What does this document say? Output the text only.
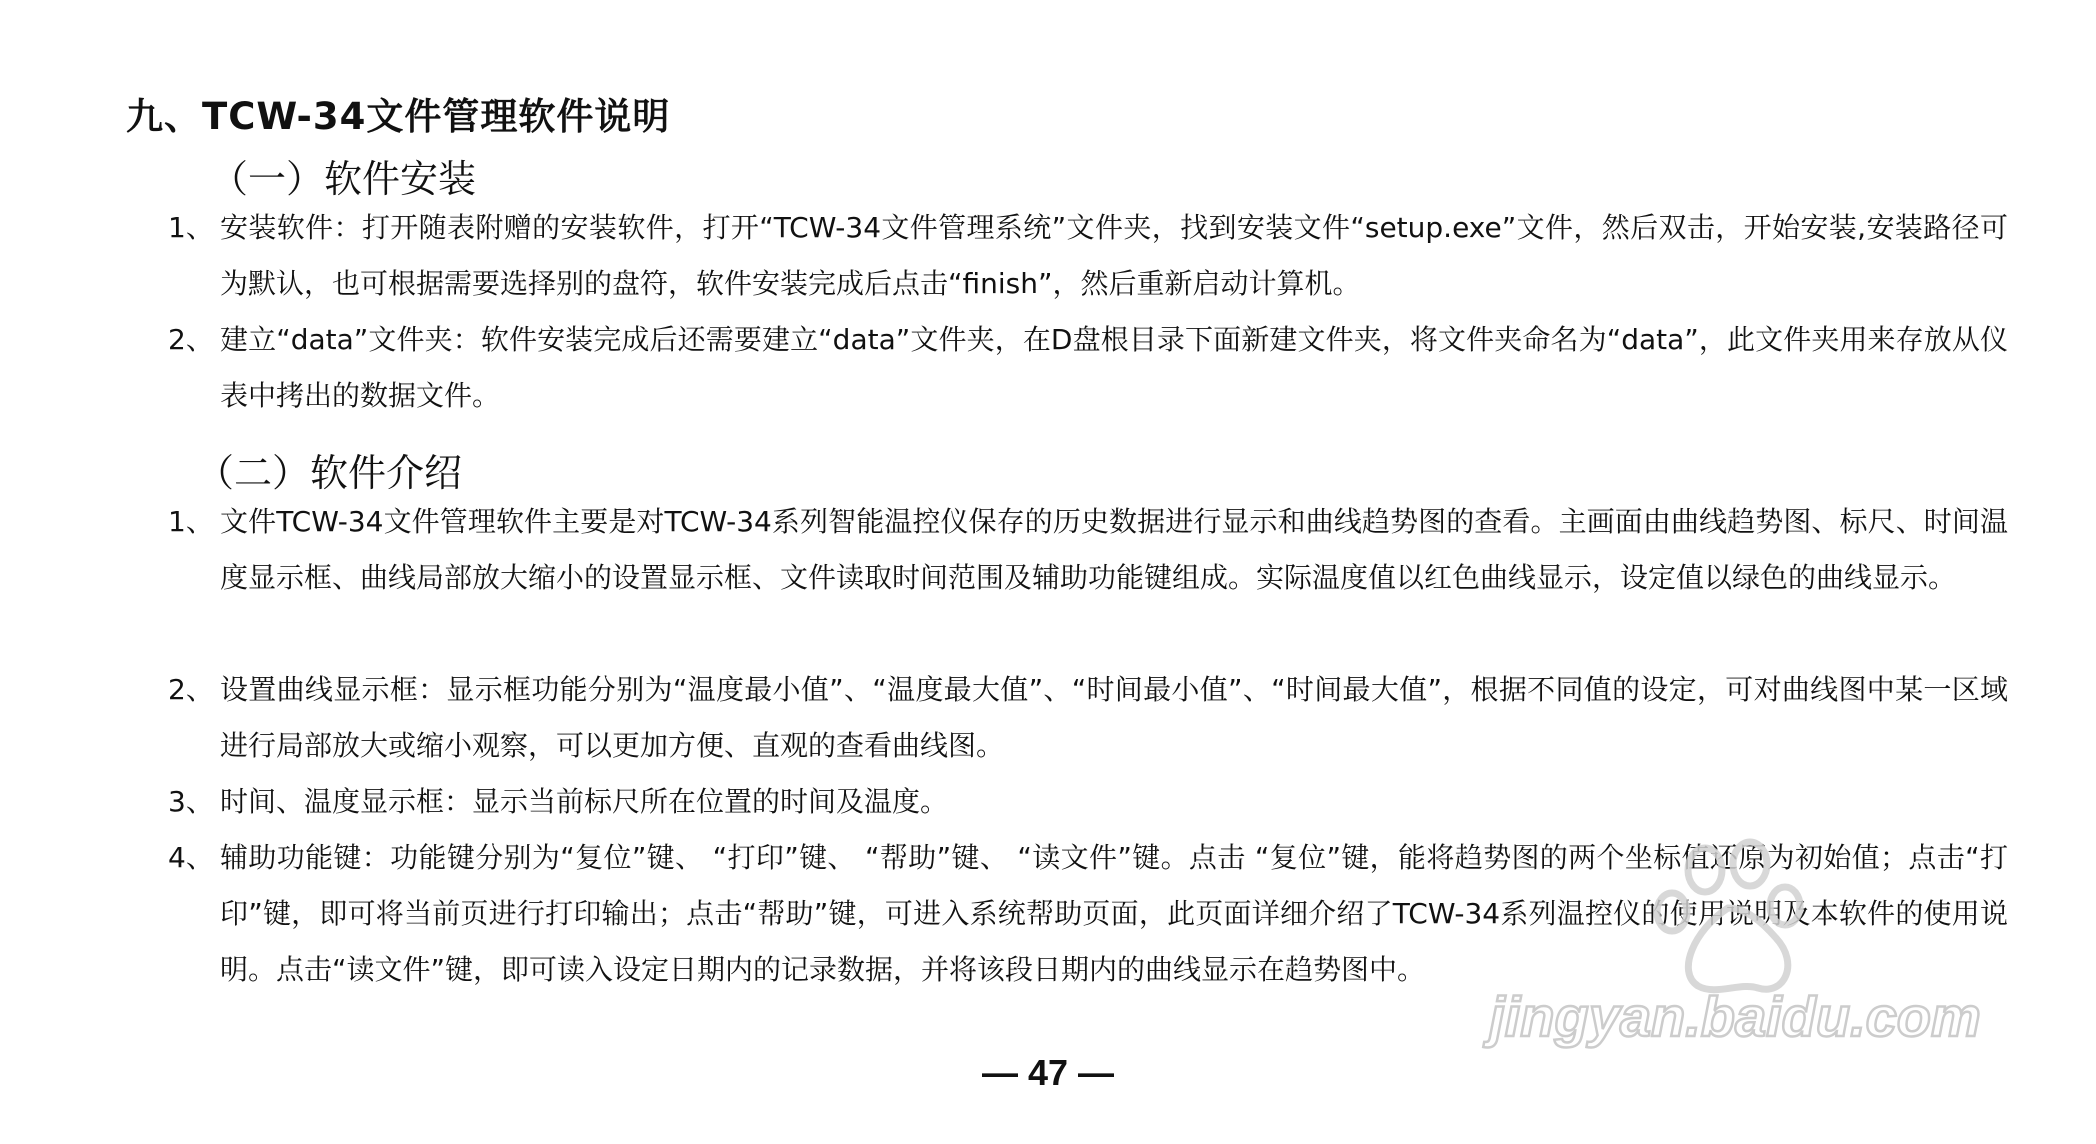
九、TCW-34文件管理软件说明
（一）软件安装
1、 安装软件：打开随表附赠的安装软件，打开“TCW-34文件管理系统”文件夹，找到安装文件“setup.exe”文件，然后双击，开始安装,安装路径可为默认，也可根据需要选择别的盘符，软件安装完成后点击“finish”，然后重新启动计算机。
2、 建立“data”文件夹：软件安装完成后还需要建立“data”文件夹，在D盘根目录下面新建文件夹，将文件夹命名为“data”，此文件夹用来存放从仪表中拷出的数据文件。
（二）软件介绍
1、 文件TCW-34文件管理软件主要是对TCW-34系列智能温控仪保存的历史数据进行显示和曲线趋势图的查看。主画面由曲线趋势图、标尺、时间温度显示框、曲线局部放大缩小的设置显示框、文件读取时间范围及辅助功能键组成。实际温度值以红色曲线显示，设定值以绿色的曲线显示。
2、 设置曲线显示框：显示框功能分别为“温度最小值”、“温度最大值”、“时间最小值”、“时间最大值”，根据不同值的设定，可对曲线图中某一区域进行局部放大或缩小观察，可以更加方便、直观的查看曲线图。
3、 时间、温度显示框：显示当前标尺所在位置的时间及温度。
4、 辅助功能键：功能键分别为“复位”键、 “打印”键、 “帮助”键、 “读文件”键。点击 “复位”键，能将趋势图的两个坐标值还原为初始值；点击“打印”键，即可将当前页进行打印输出；点击“帮助”键，可进入系统帮助页面，此页面详细介绍了TCW-34系列温控仪的使用说明及本软件的使用说明。点击“读文件”键，即可读入设定日期内的记录数据，并将该段日期内的曲线显示在趋势图中。
— 47 —
jingyan.baidu.com
